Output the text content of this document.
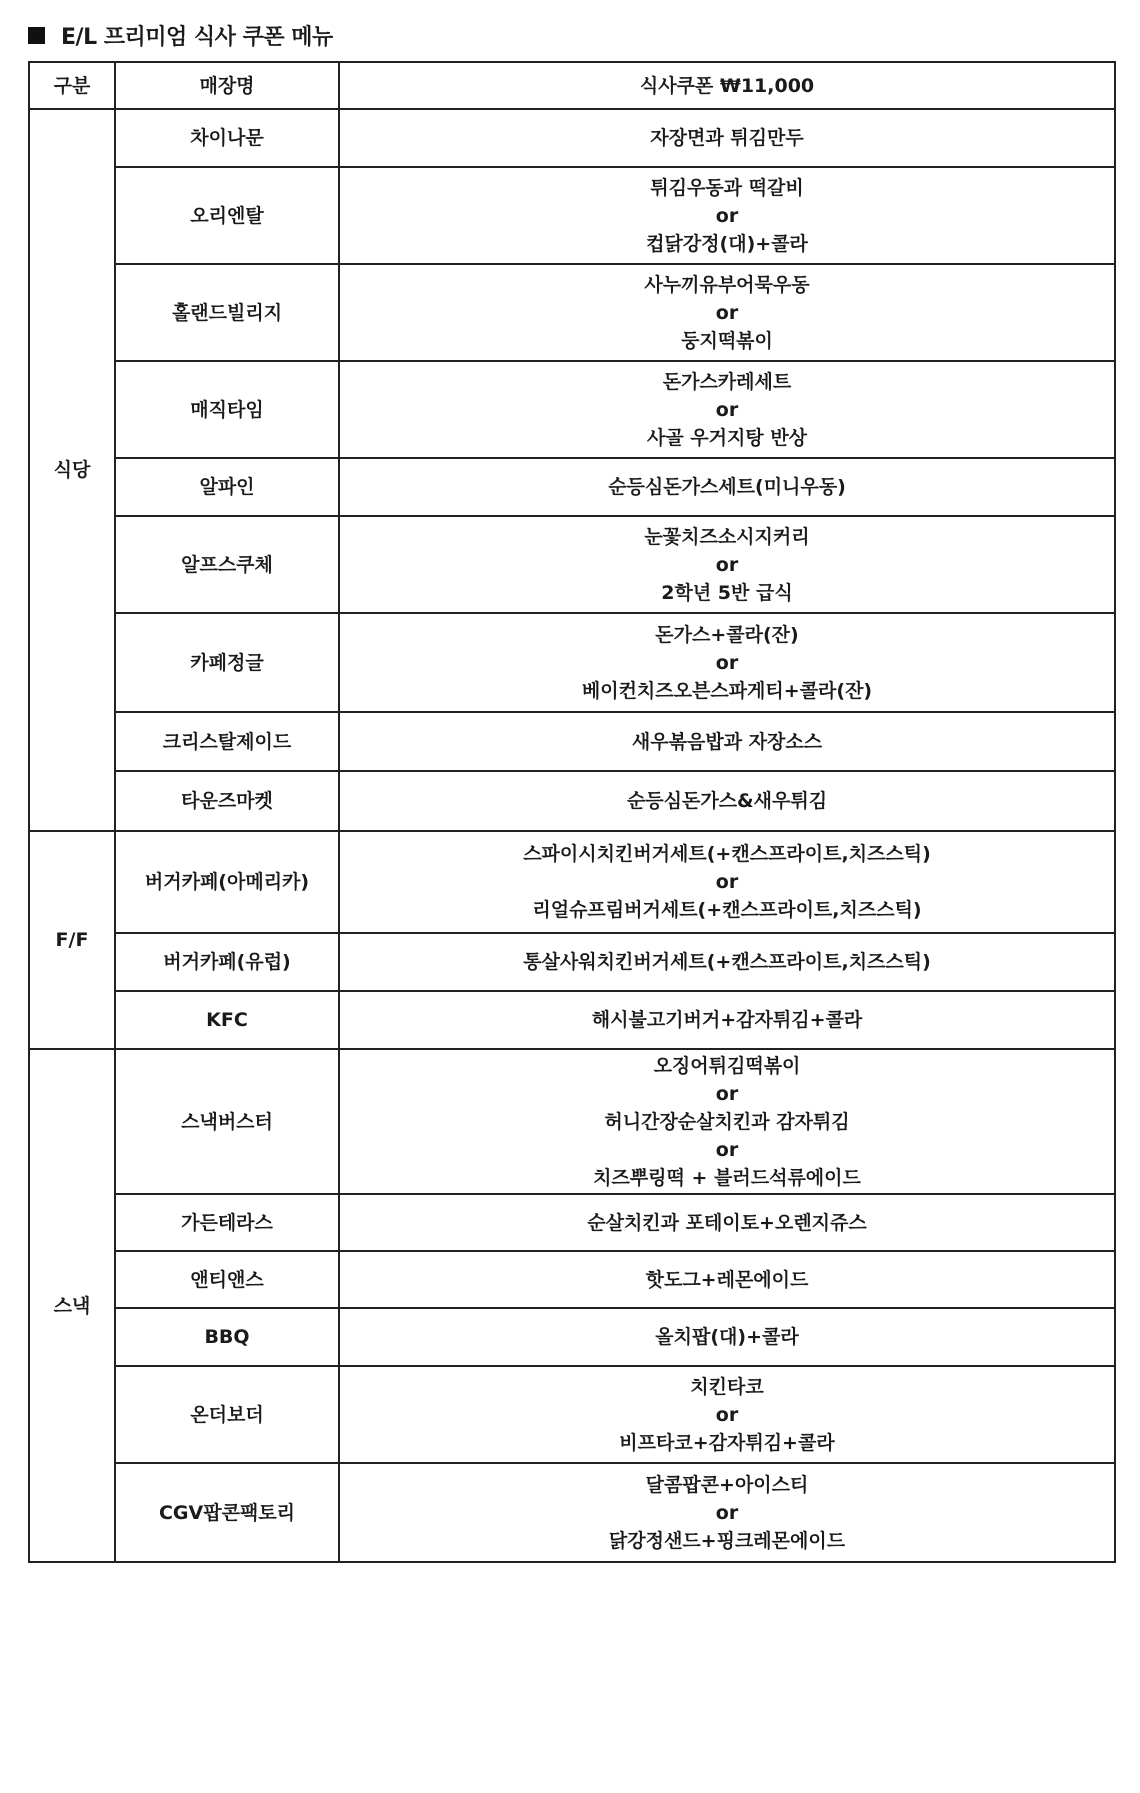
E/L 프리미엄 식사 쿠폰 메뉴
구분	매장명	식사쿠폰 ₩11,000
식당	차이나문	자장면과 튀김만두

	오리엔탈	튀김우동과 떡갈비
or
컵닭강정(대)+콜라

	홀랜드빌리지	사누끼유부어묵우동
or
둥지떡볶이

	매직타임	돈가스카레세트
or
사골 우거지탕 반상

	알파인	순등심돈가스세트(미니우동)

	알프스쿠체	눈꽃치즈소시지커리
or
2학년 5반 급식

	카페정글	돈가스+콜라(잔)
or
베이컨치즈오븐스파게티+콜라(잔)

	크리스탈제이드	새우볶음밥과 자장소스

	타운즈마켓	순등심돈가스&새우튀김

F/F	버거카페(아메리카)	스파이시치킨버거세트(+캔스프라이트,치즈스틱)
or
리얼슈프림버거세트(+캔스프라이트,치즈스틱)

	버거카페(유럽)	통살사워치킨버거세트(+캔스프라이트,치즈스틱)

	KFC	해시불고기버거+감자튀김+콜라

스낵	스낵버스터	오징어튀김떡볶이
or
허니간장순살치킨과 감자튀김
or
치즈뿌링떡 + 블러드석류에이드

	가든테라스	순살치킨과 포테이토+오렌지쥬스

	앤티앤스	핫도그+레몬에이드

	BBQ	올치팝(대)+콜라

	온더보더	치킨타코
or
비프타코+감자튀김+콜라

	CGV팝콘팩토리	달콤팝콘+아이스티
or
닭강정샌드+핑크레몬에이드
